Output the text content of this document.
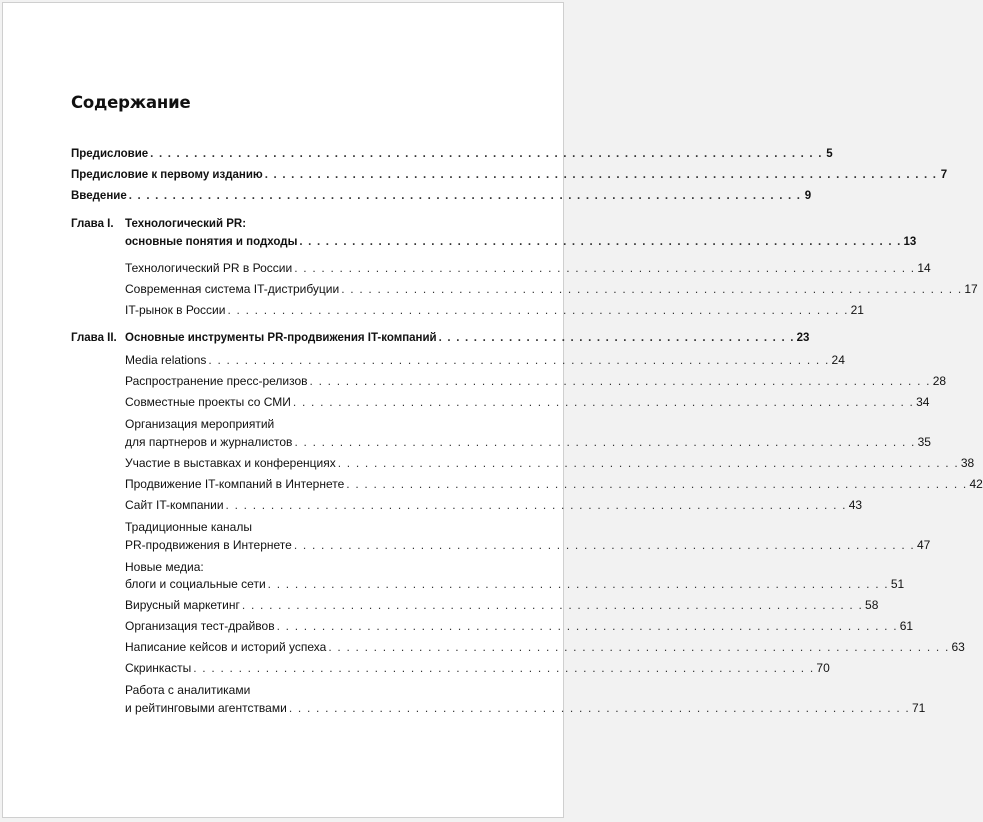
Содержание
Предисловие . . . . . . . . . . . . . . . . . . . . . . . . . . . . . . . . . . . . . . . . . . . . . . . . . . . . . . . . . . . . . . . . . . . . . . . . . . . . . 5
Предисловие к первому изданию . . . . . . . . . . . . . . . . . . . . . . . . . . . . . . . . . . . . . . . . . . . . . . . . . . . . . . . . . . . . . . . . . . . . . . . . . . . . . 7
Введение . . . . . . . . . . . . . . . . . . . . . . . . . . . . . . . . . . . . . . . . . . . . . . . . . . . . . . . . . . . . . . . . . . . . . . . . . . . . . 9
Глава I. Технологический PR:
основные понятия и подходы . . . . . . . . . . . . . . . . . . . . . . . . . . . . . . . . . . . . . . . . . . . . . . . . . . . . . . . . . . . . . . . . . . . . . 13
Технологический PR в России . . . . . . . . . . . . . . . . . . . . . . . . . . . . . . . . . . . . . . . . . . . . . . . . . . . . . . . . . . . . . . . . . . . . . 14
Современная система IT-дистрибуции . . . . . . . . . . . . . . . . . . . . . . . . . . . . . . . . . . . . . . . . . . . . . . . . . . . . . . . . . . . . . . . . . . . . . 17
IT-рынок в России . . . . . . . . . . . . . . . . . . . . . . . . . . . . . . . . . . . . . . . . . . . . . . . . . . . . . . . . . . . . . . . . . . . . . 21
Глава II. Основные инструменты PR-продвижения IT-компаний . . . . . . . . . . . . . . . . . . . . . . . . . . . . . . . . . . . . . . . . . 23
Media relations . . . . . . . . . . . . . . . . . . . . . . . . . . . . . . . . . . . . . . . . . . . . . . . . . . . . . . . . . . . . . . . . . . . . . 24
Распространение пресс-релизов . . . . . . . . . . . . . . . . . . . . . . . . . . . . . . . . . . . . . . . . . . . . . . . . . . . . . . . . . . . . . . . . . . . . . 28
Совместные проекты со СМИ . . . . . . . . . . . . . . . . . . . . . . . . . . . . . . . . . . . . . . . . . . . . . . . . . . . . . . . . . . . . . . . . . . . . . 34
Организация мероприятий
для партнеров и журналистов . . . . . . . . . . . . . . . . . . . . . . . . . . . . . . . . . . . . . . . . . . . . . . . . . . . . . . . . . . . . . . . . . . . . . 35
Участие в выставках и конференциях . . . . . . . . . . . . . . . . . . . . . . . . . . . . . . . . . . . . . . . . . . . . . . . . . . . . . . . . . . . . . . . . . . . . . 38
Продвижение IT-компаний в Интернете . . . . . . . . . . . . . . . . . . . . . . . . . . . . . . . . . . . . . . . . . . . . . . . . . . . . . . . . . . . . . . . . . . . . . 42
Сайт IT-компании . . . . . . . . . . . . . . . . . . . . . . . . . . . . . . . . . . . . . . . . . . . . . . . . . . . . . . . . . . . . . . . . . . . . . 43
Традиционные каналы
PR-продвижения в Интернете . . . . . . . . . . . . . . . . . . . . . . . . . . . . . . . . . . . . . . . . . . . . . . . . . . . . . . . . . . . . . . . . . . . . . 47
Новые медиа:
блоги и социальные сети . . . . . . . . . . . . . . . . . . . . . . . . . . . . . . . . . . . . . . . . . . . . . . . . . . . . . . . . . . . . . . . . . . . . . 51
Вирусный маркетинг . . . . . . . . . . . . . . . . . . . . . . . . . . . . . . . . . . . . . . . . . . . . . . . . . . . . . . . . . . . . . . . . . . . . . 58
Организация тест-драйвов . . . . . . . . . . . . . . . . . . . . . . . . . . . . . . . . . . . . . . . . . . . . . . . . . . . . . . . . . . . . . . . . . . . . . 61
Написание кейсов и историй успеха . . . . . . . . . . . . . . . . . . . . . . . . . . . . . . . . . . . . . . . . . . . . . . . . . . . . . . . . . . . . . . . . . . . . . 63
Скринкасты . . . . . . . . . . . . . . . . . . . . . . . . . . . . . . . . . . . . . . . . . . . . . . . . . . . . . . . . . . . . . . . . . . . . . 70
Работа с аналитиками
и рейтинговыми агентствами . . . . . . . . . . . . . . . . . . . . . . . . . . . . . . . . . . . . . . . . . . . . . . . . . . . . . . . . . . . . . . . . . . . . . 71
